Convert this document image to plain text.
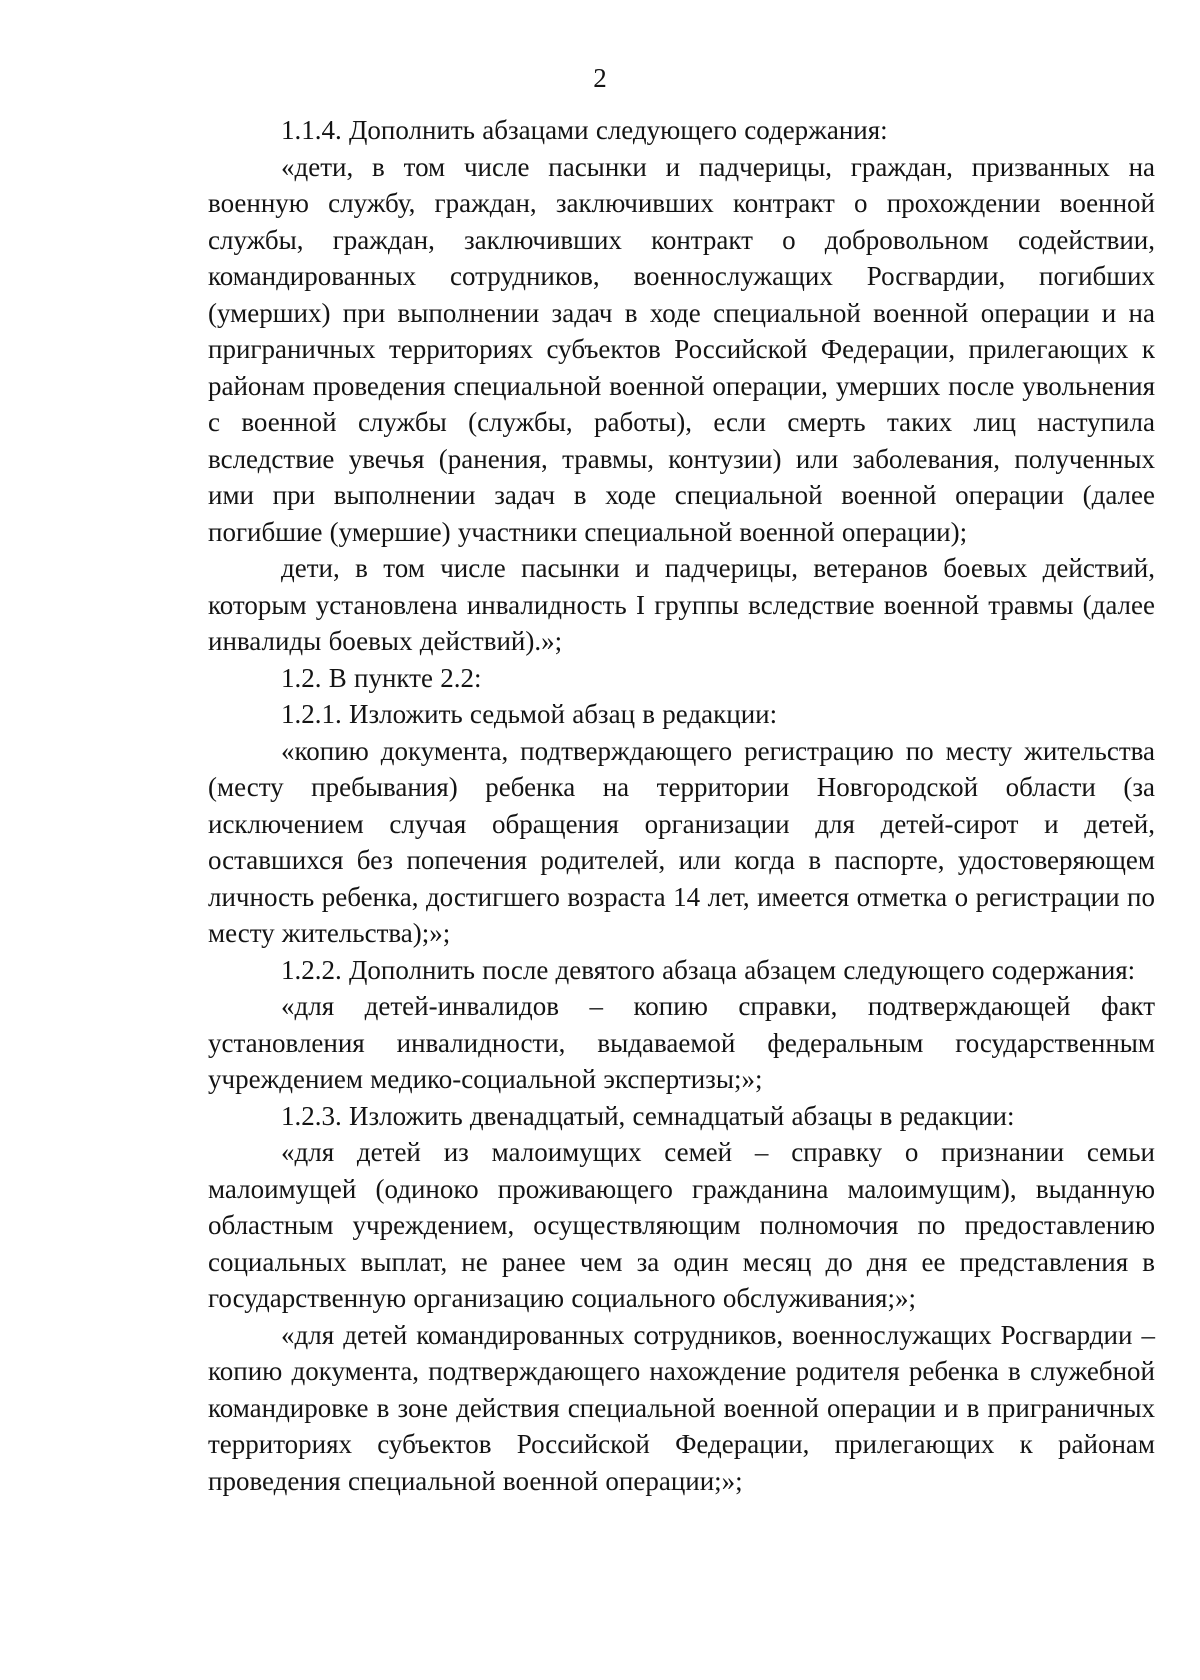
2

1.1.4. Дополнить абзацами следующего содержания:

«дети, в том числе пасынки и падчерицы, граждан, призванных на военную службу, граждан, заключивших контракт о прохождении военной службы, граждан, заключивших контракт о добровольном содействии, командированных сотрудников, военнослужащих Росгвардии, погибших (умерших) при выполнении задач в ходе специальной военной операции и на приграничных территориях субъектов Российской Федерации, прилегающих к районам проведения специальной военной операции, умерших после увольнения с военной службы (службы, работы), если смерть таких лиц наступила вследствие увечья (ранения, травмы, контузии) или заболевания, полученных ими при выполнении задач в ходе специальной военной операции (далее погибшие (умершие) участники специальной военной операции);

дети, в том числе пасынки и падчерицы, ветеранов боевых действий, которым установлена инвалидность I группы вследствие военной травмы (далее инвалиды боевых действий).»;

1.2. В пункте 2.2:

1.2.1. Изложить седьмой абзац в редакции:

«копию документа, подтверждающего регистрацию по месту жительства (месту пребывания) ребенка на территории Новгородской области (за исключением случая обращения организации для детей-сирот и детей, оставшихся без попечения родителей, или когда в паспорте, удостоверяющем личность ребенка, достигшего возраста 14 лет, имеется отметка о регистрации по месту жительства);»;

1.2.2. Дополнить после девятого абзаца абзацем следующего содержания:

«для детей-инвалидов – копию справки, подтверждающей факт установления инвалидности, выдаваемой федеральным государственным учреждением медико-социальной экспертизы;»;

1.2.3. Изложить двенадцатый, семнадцатый абзацы в редакции:

«для детей из малоимущих семей – справку о признании семьи малоимущей (одиноко проживающего гражданина малоимущим), выданную областным учреждением, осуществляющим полномочия по предоставлению социальных выплат, не ранее чем за один месяц до дня ее представления в государственную организацию социального обслуживания;»;

«для детей командированных сотрудников, военнослужащих Росгвардии – копию документа, подтверждающего нахождение родителя ребенка в служебной командировке в зоне действия специальной военной операции и в приграничных территориях субъектов Российской Федерации, прилегающих к районам проведения специальной военной операции;»;
